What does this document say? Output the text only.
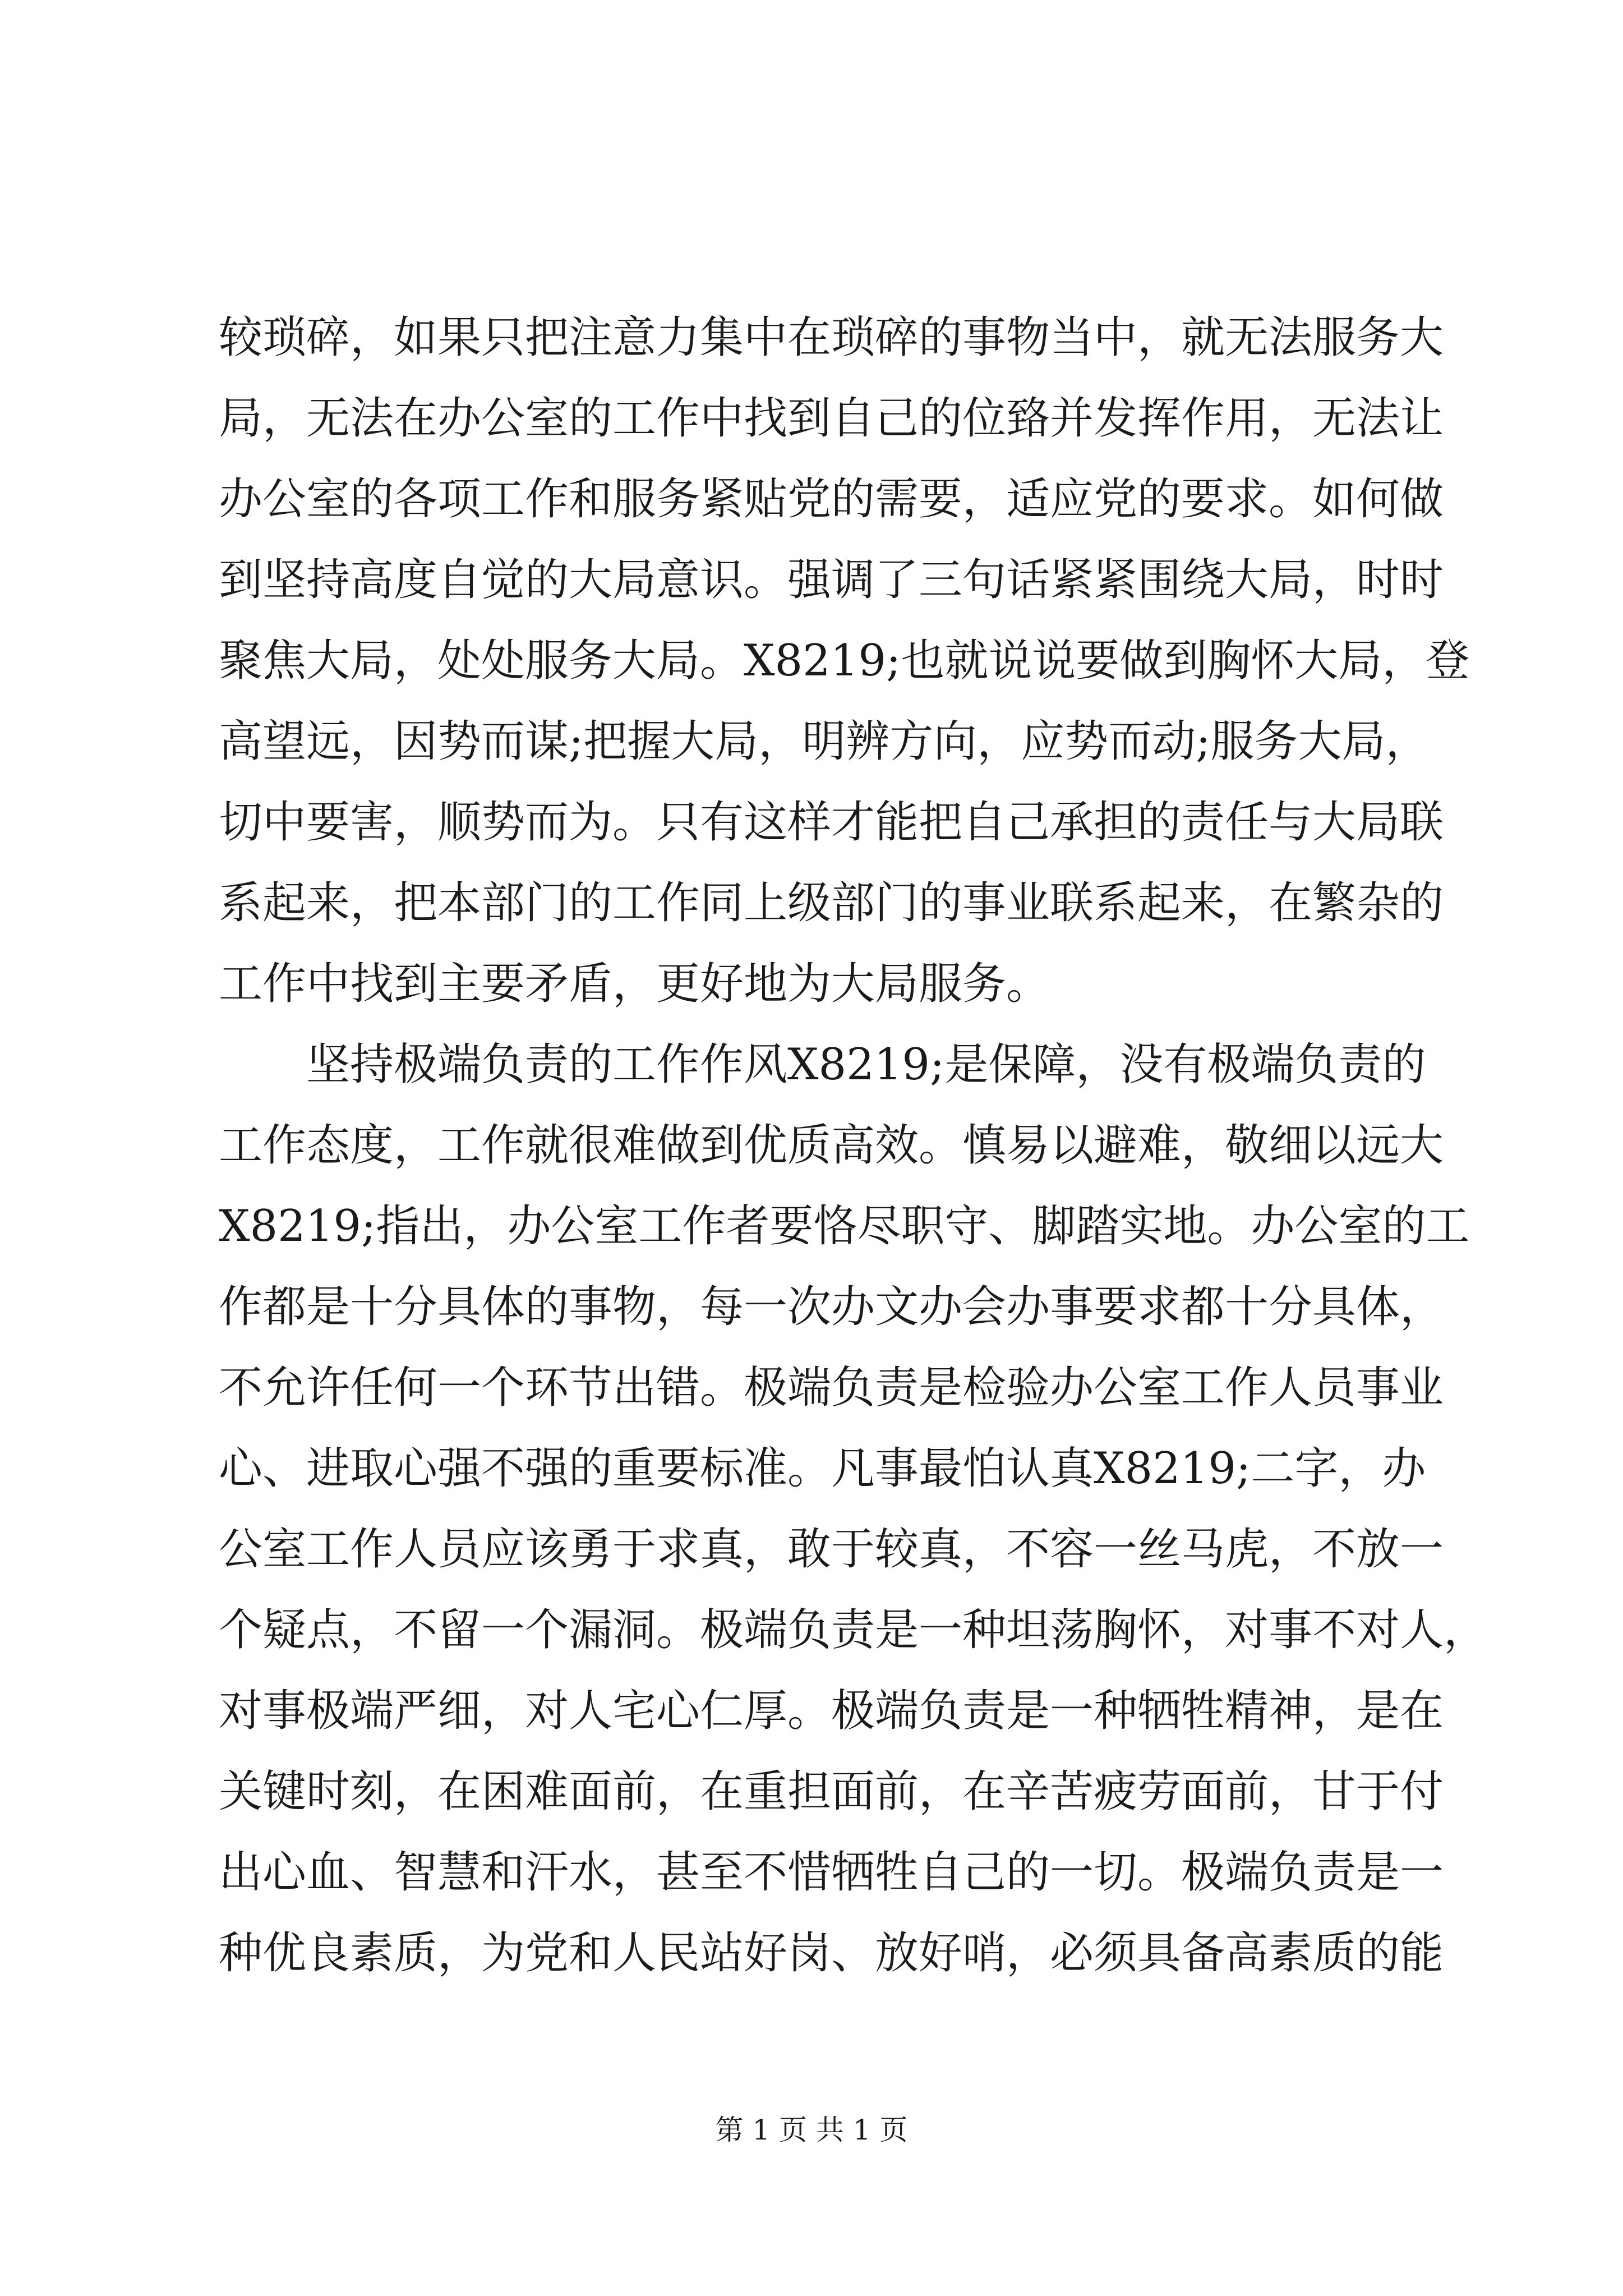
较琐碎，如果只把注意力集中在琐碎的事物当中，就无法服务大
局，无法在办公室的工作中找到自己的位臵并发挥作用，无法让
办公室的各项工作和服务紧贴党的需要，适应党的要求。如何做
到坚持高度自觉的大局意识。强调了三句话紧紧围绕大局，时时
聚焦大局，处处服务大局。X8219;也就说说要做到胸怀大局，登
高望远，因势而谋;把握大局，明辨方向，应势而动;服务大局，
切中要害，顺势而为。只有这样才能把自己承担的责任与大局联
系起来，把本部门的工作同上级部门的事业联系起来，在繁杂的
工作中找到主要矛盾，更好地为大局服务。
　　坚持极端负责的工作作风X8219;是保障，没有极端负责的
工作态度，工作就很难做到优质高效。慎易以避难，敬细以远大
X8219;指出，办公室工作者要恪尽职守、脚踏实地。办公室的工
作都是十分具体的事物，每一次办文办会办事要求都十分具体，
不允许任何一个环节出错。极端负责是检验办公室工作人员事业
心、进取心强不强的重要标准。凡事最怕认真X8219;二字，办
公室工作人员应该勇于求真，敢于较真，不容一丝马虎，不放一
个疑点，不留一个漏洞。极端负责是一种坦荡胸怀，对事不对人，
对事极端严细，对人宅心仁厚。极端负责是一种牺牲精神，是在
关键时刻，在困难面前，在重担面前，在辛苦疲劳面前，甘于付
出心血、智慧和汗水，甚至不惜牺牲自己的一切。极端负责是一
种优良素质，为党和人民站好岗、放好哨，必须具备高素质的能
第 1 页 共 1 页
